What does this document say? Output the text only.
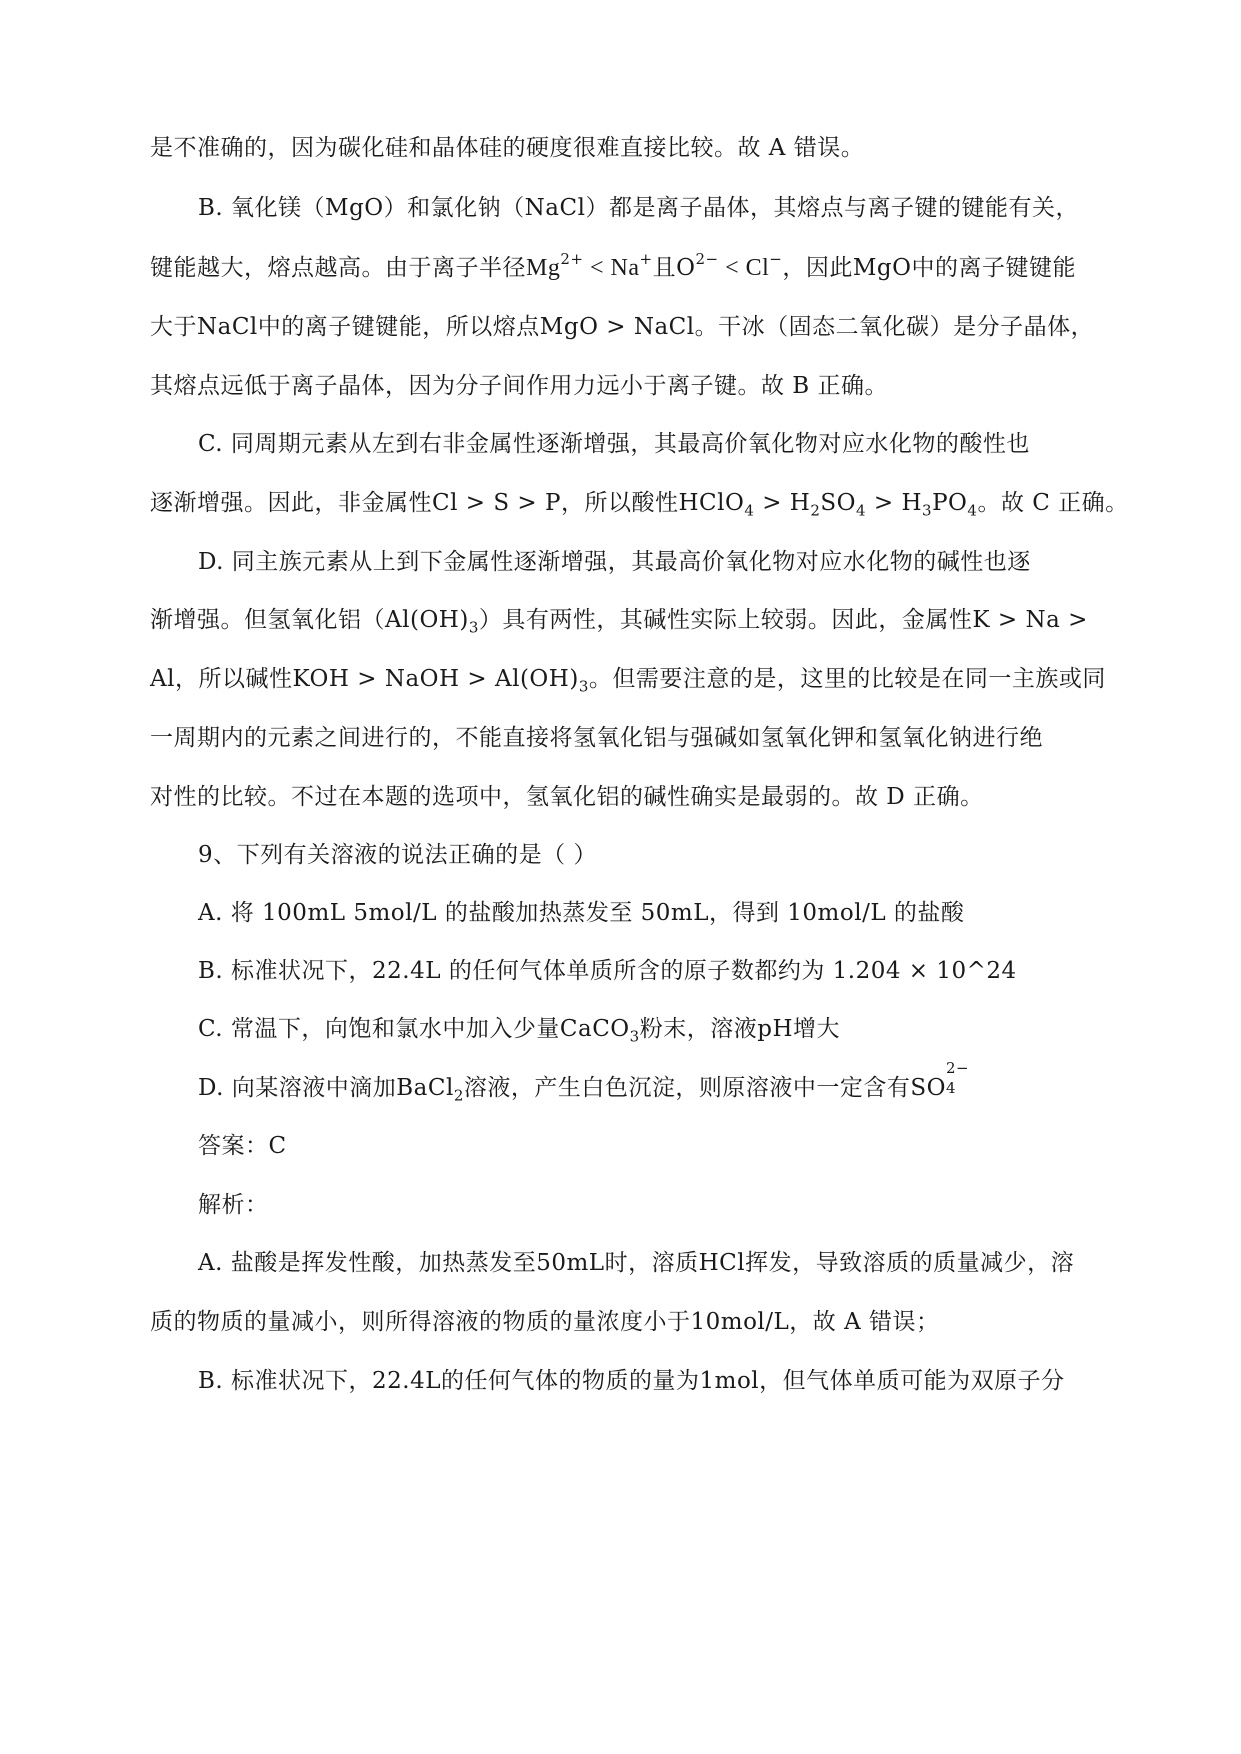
是不准确的，因为碳化硅和晶体硅的硬度很难直接比较。故 A 错误。
B. 氧化镁（MgO）和氯化钠（NaCl）都是离子晶体，其熔点与离子键的键能有关，
键能越大，熔点越高。由于离子半径$Mg^{2+} < Na^+$且$O^{2-} < Cl^-$，因此MgO中的离子键键能
大于NaCl中的离子键键能，所以熔点MgO > NaCl。干冰（固态二氧化碳）是分子晶体，
其熔点远低于离子晶体，因为分子间作用力远小于离子键。故 B 正确。
C. 同周期元素从左到右非金属性逐渐增强，其最高价氧化物对应水化物的酸性也
逐渐增强。因此，非金属性Cl > S > P，所以酸性HClO$_4$ > $H_2SO_4 > H_3PO_4$。故 C 正确。
D. 同主族元素从上到下金属性逐渐增强，其最高价氧化物对应水化物的碱性也逐
渐增强。但氢氧化铝$(Al(OH)_3)$具有两性，其碱性实际上较弱。因此，金属性K > Na >
Al，所以碱性KOH > NaOH > $Al(OH)_3$。但需要注意的是，这里的比较是在同一主族或同
一周期内的元素之间进行的，不能直接将氢氧化铝与强碱如氢氧化钾和氢氧化钠进行绝
对性的比较。不过在本题的选项中，氢氧化铝的碱性确实是最弱的。故 D 正确。
9、下列有关溶液的说法正确的是（ ）
A. 将 100mL 5mol/L 的盐酸加热蒸发至 50mL，得到 10mol/L 的盐酸
B. 标准状况下，22.4L 的任何气体单质所含的原子数都约为 1.204 × 10^24
C. 常温下，向饱和氯水中加入少量CaCO$_3$粉末，溶液pH增大
D. 向某溶液中滴加BaCl$_2$溶液，产生白色沉淀，则原溶液中一定含有SO
2−
4
答案：C
解析：
A. 盐酸是挥发性酸，加热蒸发至50mL时，溶质HCl挥发，导致溶质的质量减少，溶
质的物质的量减小，则所得溶液的物质的量浓度小于10mol/L，故 A 错误；
B. 标准状况下，22.4L的任何气体的物质的量为1mol，但气体单质可能为双原子分
